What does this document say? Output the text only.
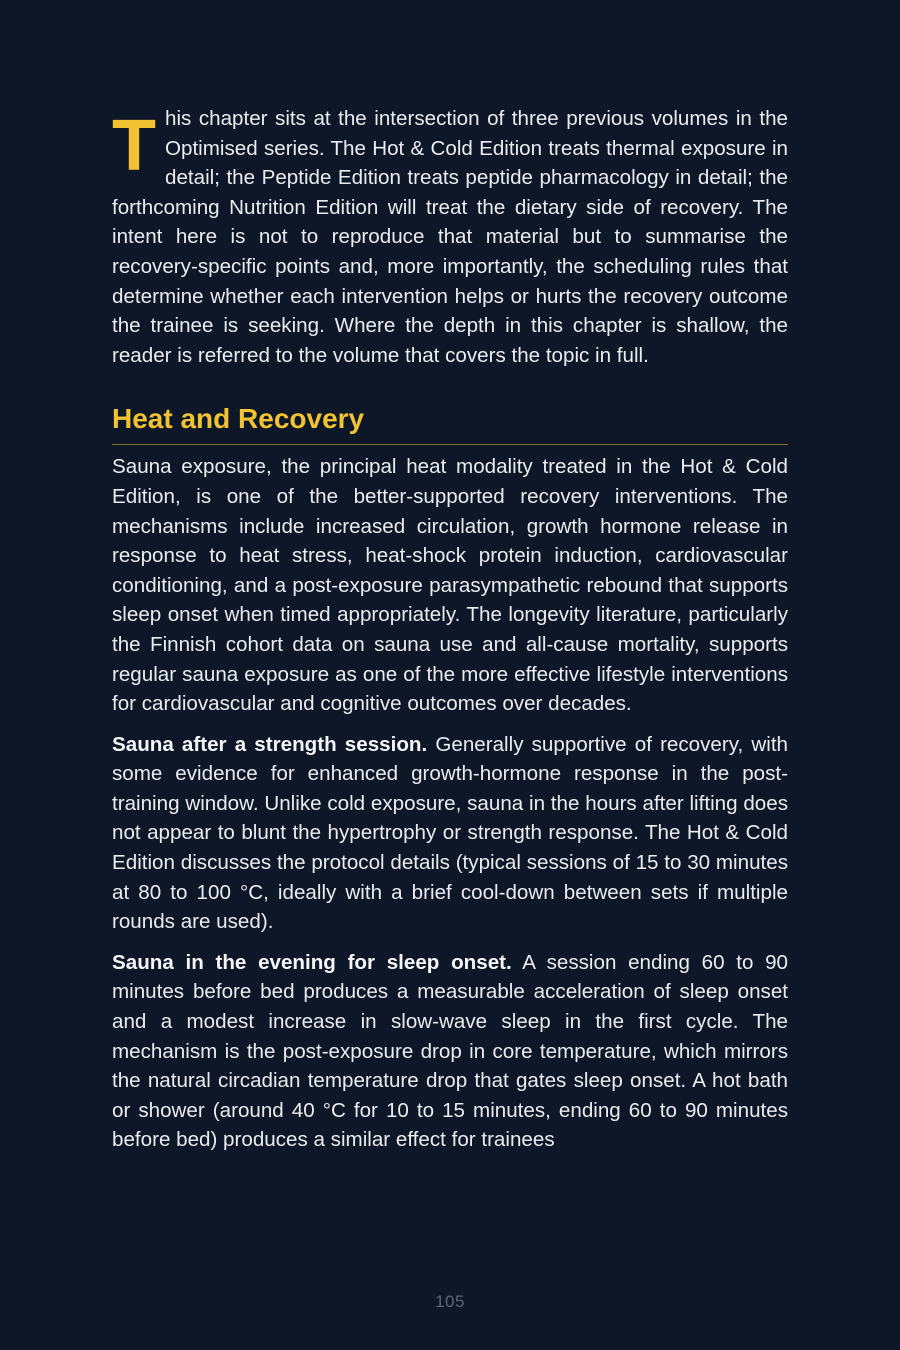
This chapter sits at the intersection of three previous volumes in the Optimised series. The Hot & Cold Edition treats thermal exposure in detail; the Peptide Edition treats peptide pharmacology in detail; the forthcoming Nutrition Edition will treat the dietary side of recovery. The intent here is not to reproduce that material but to summarise the recovery-specific points and, more importantly, the scheduling rules that determine whether each intervention helps or hurts the recovery outcome the trainee is seeking. Where the depth in this chapter is shallow, the reader is referred to the volume that covers the topic in full.

Heat and Recovery

Sauna exposure, the principal heat modality treated in the Hot & Cold Edition, is one of the better-supported recovery interventions. The mechanisms include increased circulation, growth hormone release in response to heat stress, heat-shock protein induction, cardiovascular conditioning, and a post-exposure parasympathetic rebound that supports sleep onset when timed appropriately. The longevity literature, particularly the Finnish cohort data on sauna use and all-cause mortality, supports regular sauna exposure as one of the more effective lifestyle interventions for cardiovascular and cognitive outcomes over decades.

Sauna after a strength session. Generally supportive of recovery, with some evidence for enhanced growth-hormone response in the post-training window. Unlike cold exposure, sauna in the hours after lifting does not appear to blunt the hypertrophy or strength response. The Hot & Cold Edition discusses the protocol details (typical sessions of 15 to 30 minutes at 80 to 100 °C, ideally with a brief cool-down between sets if multiple rounds are used).

Sauna in the evening for sleep onset. A session ending 60 to 90 minutes before bed produces a measurable acceleration of sleep onset and a modest increase in slow-wave sleep in the first cycle. The mechanism is the post-exposure drop in core temperature, which mirrors the natural circadian temperature drop that gates sleep onset. A hot bath or shower (around 40 °C for 10 to 15 minutes, ending 60 to 90 minutes before bed) produces a similar effect for trainees

105
